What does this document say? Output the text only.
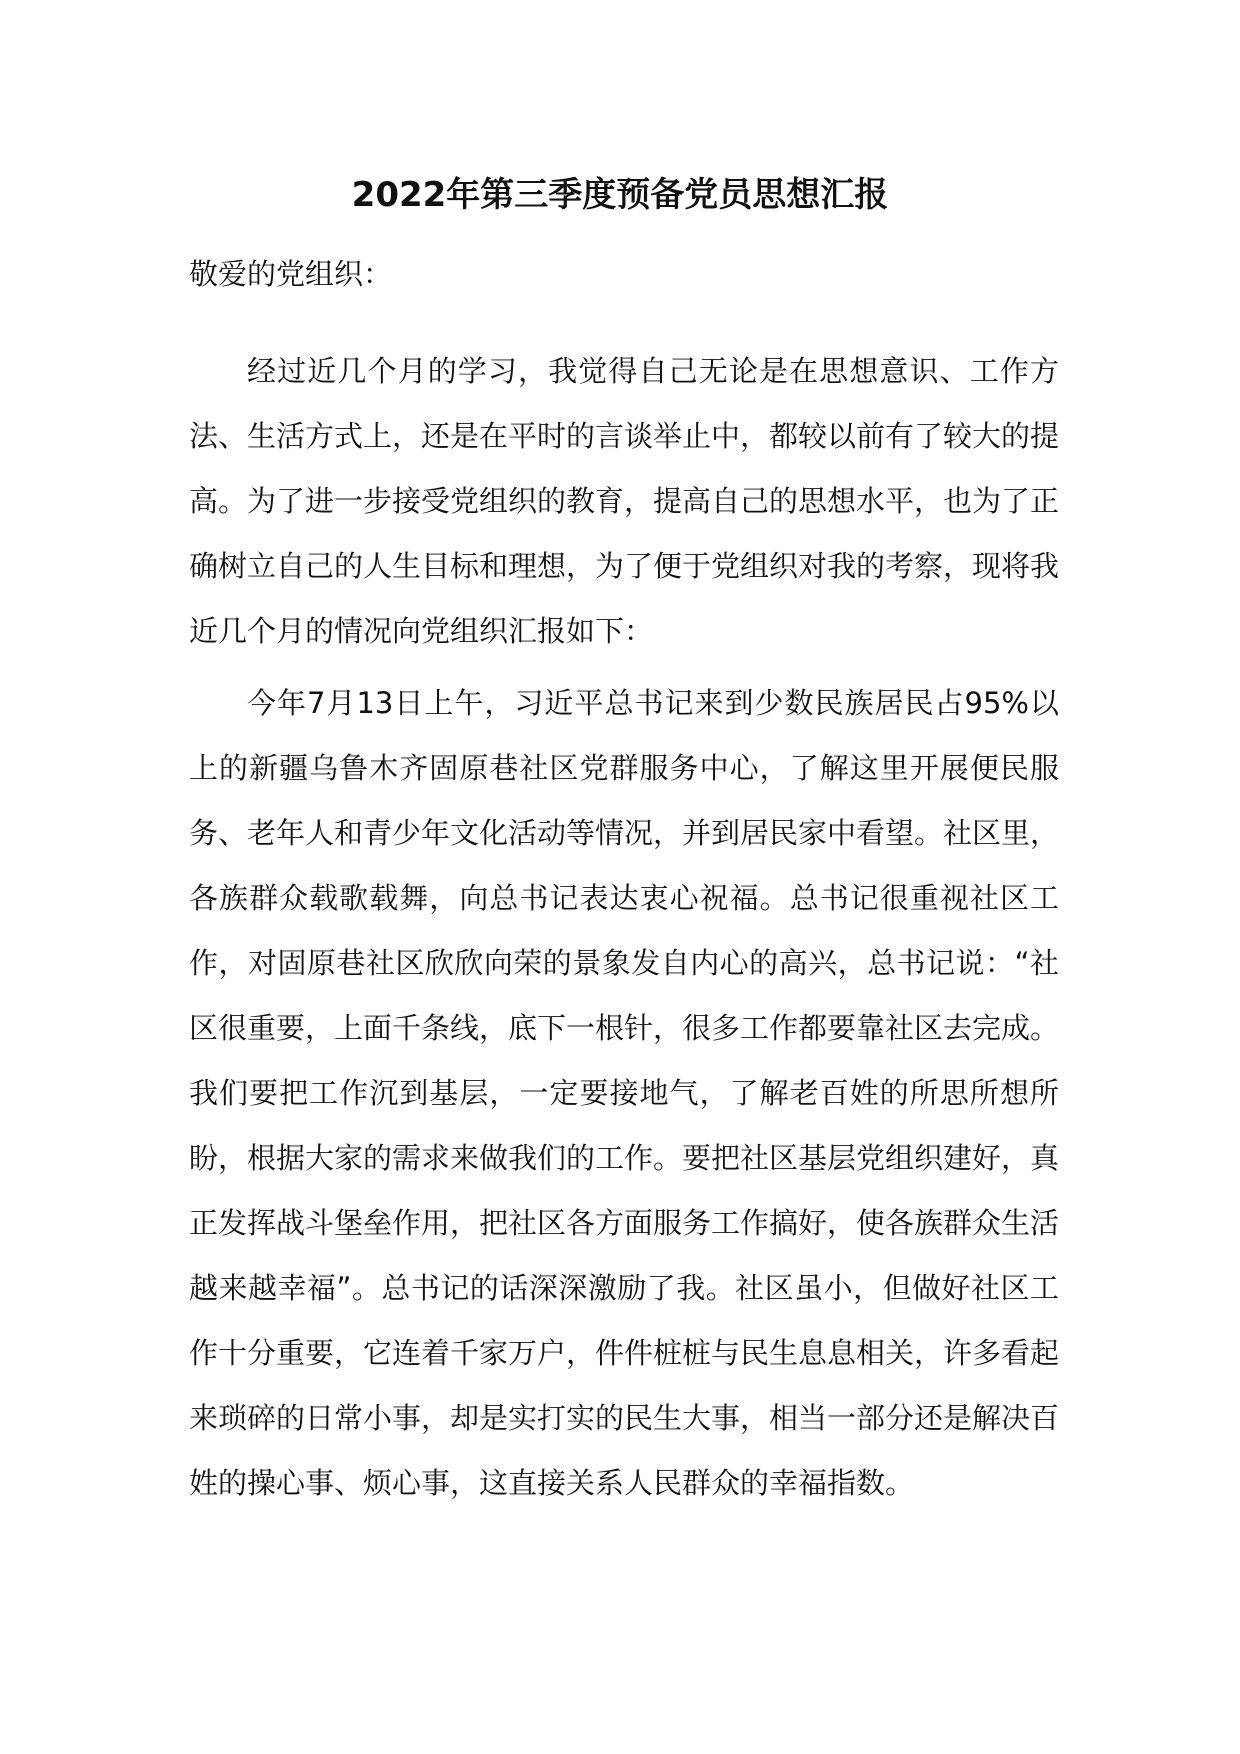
2022年第三季度预备党员思想汇报

敬爱的党组织：

经过近几个月的学习，我觉得自己无论是在思想意识、工作方法、生活方式上，还是在平时的言谈举止中，都较以前有了较大的提高。为了进一步接受党组织的教育，提高自己的思想水平，也为了正确树立自己的人生目标和理想，为了便于党组织对我的考察，现将我近几个月的情况向党组织汇报如下：

今年7月13日上午，习近平总书记来到少数民族居民占95%以上的新疆乌鲁木齐固原巷社区党群服务中心，了解这里开展便民服务、老年人和青少年文化活动等情况，并到居民家中看望。社区里，各族群众载歌载舞，向总书记表达衷心祝福。总书记很重视社区工作，对固原巷社区欣欣向荣的景象发自内心的高兴，总书记说：“社区很重要，上面千条线，底下一根针，很多工作都要靠社区去完成。我们要把工作沉到基层，一定要接地气，了解老百姓的所思所想所盼，根据大家的需求来做我们的工作。要把社区基层党组织建好，真正发挥战斗堡垒作用，把社区各方面服务工作搞好，使各族群众生活越来越幸福”。总书记的话深深激励了我。社区虽小，但做好社区工作十分重要，它连着千家万户，件件桩桩与民生息息相关，许多看起来琐碎的日常小事，却是实打实的民生大事，相当一部分还是解决百姓的操心事、烦心事，这直接关系人民群众的幸福指数。
